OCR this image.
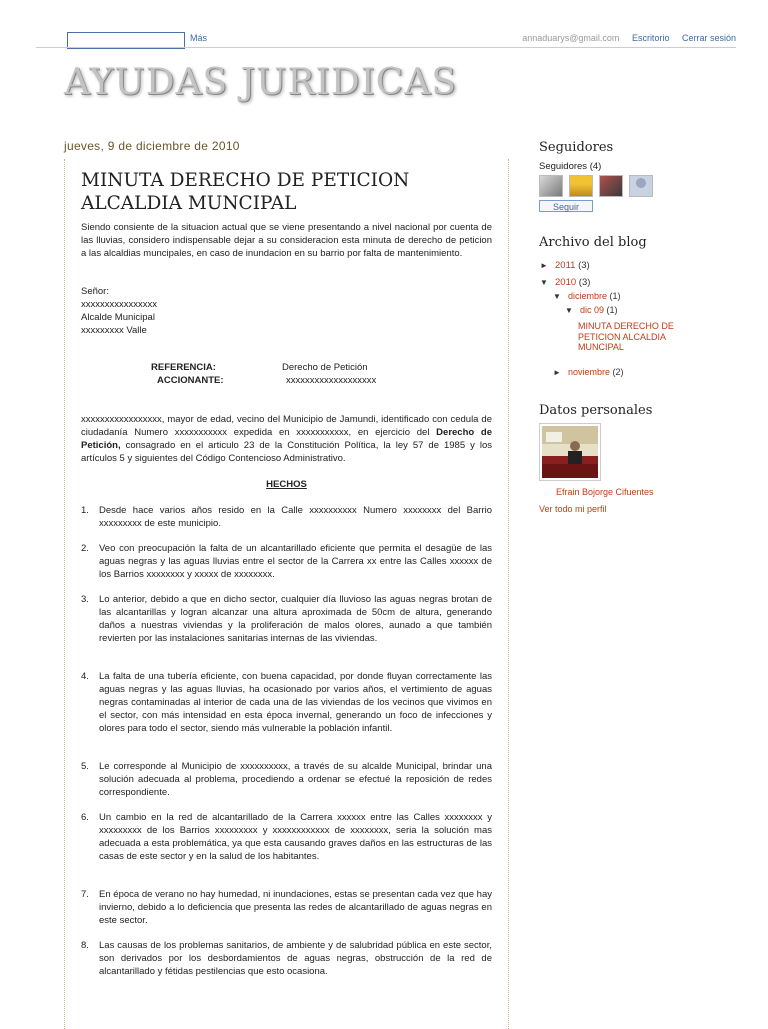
Más	annaduarys@gmail.com Escritorio Cerrar sesión
AYUDAS JURIDICAS
jueves, 9 de diciembre de 2010
MINUTA DERECHO DE PETICION
ALCALDIA MUNCIPAL

Siendo consiente de la situacion actual que se viene presentando a nivel nacional por cuenta de las lluvias, considero indispensable dejar a su consideracion esta minuta de derecho de peticion a las alcaldias muncipales, en caso de inundacion en su barrio por falta de mantenimiento.

Señor:
xxxxxxxxxxxxxxxx
Alcalde Municipal
xxxxxxxxx Valle
REFERENCIA:	Derecho de Petición
ACCIONANTE:	xxxxxxxxxxxxxxxxxxx

xxxxxxxxxxxxxxxxx, mayor de edad, vecino del Municipio de Jamundi, identificado con cedula de ciudadanía Numero xxxxxxxxxxx expedida en xxxxxxxxxxx, en ejercicio del Derecho de Petición, consagrado en el articulo 23 de la Constitución Política, la ley 57 de 1985 y los artículos 5 y siguientes del Código Contencioso Administrativo.

HECHOS
1. Desde hace varios años resido en la Calle xxxxxxxxxx Numero xxxxxxxx del Barrio xxxxxxxxx de este municipio.
2. Veo con preocupación la falta de un alcantarillado eficiente que permita el desagüe de las aguas negras y las aguas lluvias entre el sector de la Carrera xx entre las Calles xxxxxx de los Barrios xxxxxxxx y xxxxx de xxxxxxxx.
3. Lo anterior, debido a que en dicho sector, cualquier día lluvioso las aguas negras brotan de las alcantarillas y logran alcanzar una altura aproximada de 50cm de altura, generando daños a nuestras viviendas y la proliferación de malos olores, aunado a que también revierten por las instalaciones sanitarias internas de las viviendas.
4. La falta de una tubería eficiente, con buena capacidad, por donde fluyan correctamente las aguas negras y las aguas lluvias, ha ocasionado por varios años, el vertimiento de aguas negras contaminadas al interior de cada una de las viviendas de los vecinos que vivimos en el sector, con más intensidad en esta época invernal, generando un foco de infecciones y olores para todo el sector, siendo más vulnerable la población infantil.
5. Le corresponde al Municipio de xxxxxxxxxx, a través de su alcalde Municipal, brindar una solución adecuada al problema, procediendo a ordenar se efectué la reposición de redes correspondiente.
6. Un cambio en la red de alcantarillado de la Carrera xxxxxx entre las Calles xxxxxxxx y xxxxxxxxx de los Barrios xxxxxxxxx y xxxxxxxxxxxx de xxxxxxxx, seria la solución mas adecuada a esta problemática, ya que esta causando graves daños en las estructuras de las casas de este sector y en la salud de los habitantes.
7. En época de verano no hay humedad, ni inundaciones, estas se presentan cada vez que hay invierno, debido a lo deficiencia que presenta las redes de alcantarillado de aguas negras en este sector.
8. Las causas de los problemas sanitarios, de ambiente y de salubridad pública en este sector, son derivados por los desbordamientos de aguas negras, obstrucción de la red de alcantarillado y fétidas pestilencias que esto ocasiona.
Seguidores
Seguidores (4)
Seguir
Archivo del blog
► 2011 (3)
▼ 2010 (3)
▼ diciembre (1)
▼ dic 09 (1)
MINUTA DERECHO DE PETICION ALCALDIA MUNCIPAL
► noviembre (2)
Datos personales
Efrain Bojorge Cifuentes
Ver todo mi perfil
